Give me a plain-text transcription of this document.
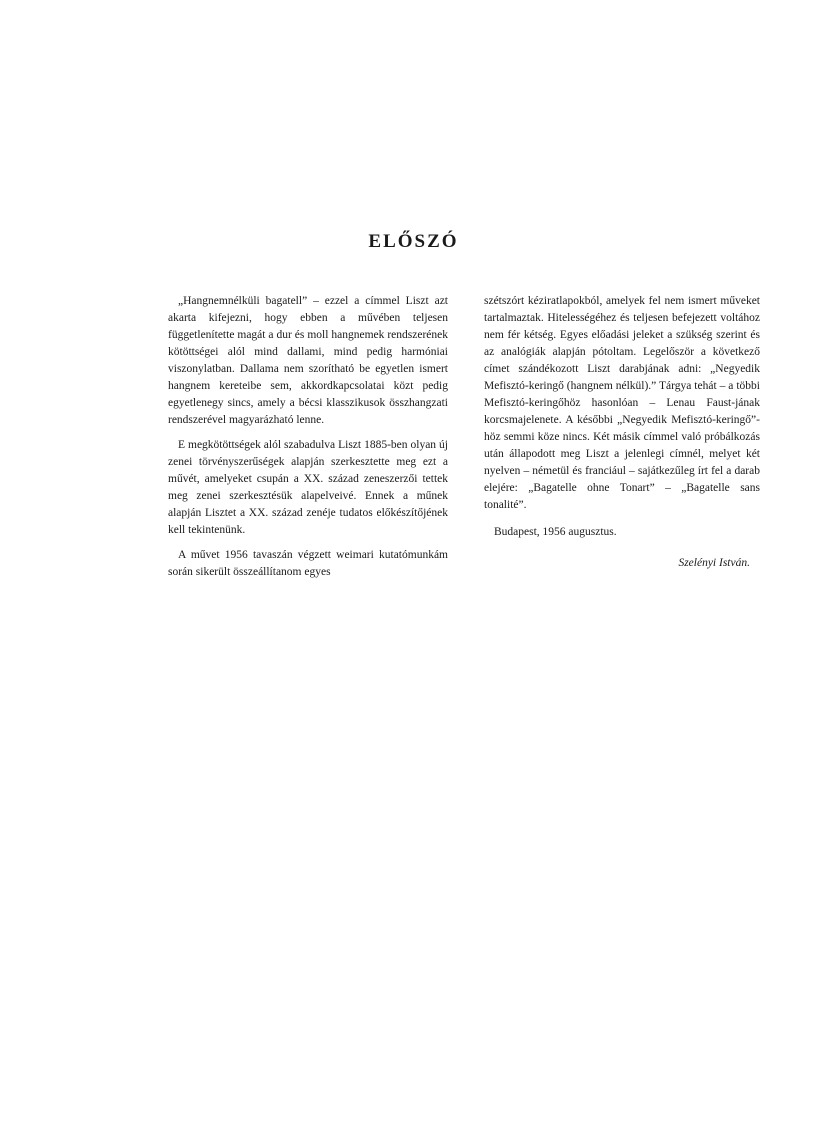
ELŐSZÓ

„Hangnemnélküli bagatell” – ezzel a címmel Liszt azt akarta kifejezni, hogy ebben a művében teljesen függetlenítette magát a dur és moll hangnemek rendszerének kötöttségei alól mind dallami, mind pedig harmóniai viszonylatban. Dallama nem szorítható be egyetlen ismert hangnem kereteibe sem, akkordkapcsolatai közt pedig egyetlenegy sincs, amely a bécsi klasszikusok összhangzati rendszerével magyarázható lenne.

E megkötöttségek alól szabadulva Liszt 1885-ben olyan új zenei törvényszerűségek alapján szerkesztette meg ezt a művét, amelyeket csupán a XX. század zeneszerzői tettek meg zenei szerkesztésük alapelveivé. Ennek a műnek alapján Lisztet a XX. század zenéje tudatos előkészítőjének kell tekintenünk.

A művet 1956 tavaszán végzett weimari kutatómunkám során sikerült összeállítanom egyes

szétszórt kéziratlapokból, amelyek fel nem ismert műveket tartalmaztak. Hitelességéhez és teljesen befejezett voltához nem fér kétség. Egyes előadási jeleket a szükség szerint és az analógiák alapján pótoltam. Legelőször a következő címet szándékozott Liszt darabjának adni: „Negyedik Mefisztó-keringő (hangnem nélkül).” Tárgya tehát – a többi Mefisztó-keringőhöz hasonlóan – Lenau Faust-jának korcsmajelenete. A későbbi „Negyedik Mefisztó-keringő”-höz semmi köze nincs. Két másik címmel való próbálkozás után állapodott meg Liszt a jelenlegi címnél, melyet két nyelven – németül és franciául – sajátkezűleg írt fel a darab elejére: „Bagatelle ohne Tonart” – „Bagatelle sans tonalité”.

Budapest, 1956 augusztus.

Szelényi István.
